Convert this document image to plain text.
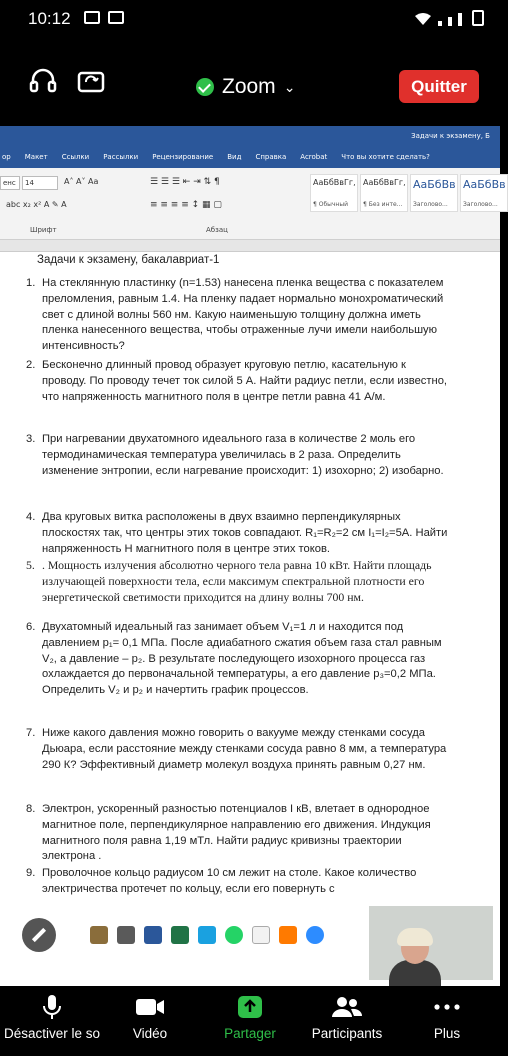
10:12
Zoom ⌄	Quitter
Задачи к экзамену, Б
ор Макет Ссылки Рассылки Рецензирование Вид Справка Acrobat Что вы хотите сделать?
енс	14	A˄ A˅ Aa
abc x₂ x² A ✎ A
☰ ☰ ☰ ⇤ ⇥ ⇅ ¶
≡ ≡ ≡ ≡ ↕ ▦ ▢
АаБбВвГг,
¶ Обычный
АаБбВвГг,
¶ Без инте...
АаБбВв
Заголово...
АаБбВв
Заголово...
Шрифт	Абзац
Задачи к экзамену, бакалавриат-1
1. На стеклянную пластинку (n=1.53) нанесена пленка вещества с показателем преломления, равным 1.4. На пленку падает нормально монохроматический свет с длиной волны 560 нм. Какую наименьшую толщину должна иметь пленка нанесенного вещества, чтобы отраженные лучи имели наибольшую интенсивность?
2. Бесконечно длинный провод образует круговую петлю, касательную к проводу. По проводу течет ток силой 5 А. Найти радиус петли, если известно, что напряженность магнитного поля в центре петли равна 41 А/м.
3. При нагревании двухатомного идеального газа в количестве 2 моль его термодинамическая температура увеличилась в 2 раза. Определить изменение энтропии, если нагревание происходит: 1) изохорно; 2) изобарно.
4. Два круговых витка расположены в двух взаимно перпендикулярных плоскостях так, что центры этих токов совпадают. R₁=R₂=2 см I₁=I₂=5А. Найти напряженность Н магнитного поля в центре этих токов.
5. . Мощность излучения абсолютно черного тела равна 10 кВт. Найти площадь излучающей поверхности тела, если максимум спектральной плотности его энергетической светимости приходится на длину волны 700 нм.
6. Двухатомный идеальный газ занимает объем V₁=1 л и находится под давлением p₁= 0,1 МПа. После адиабатного сжатия объем газа стал равным V₂, а давление – p₂. В результате последующего изохорного процесса газ охлаждается до первоначальной температуры, а его давление p₃=0,2 МПа. Определить V₂ и p₂ и начертить график процессов.
7. Ниже какого давления можно говорить о вакууме между стенками сосуда Дьюара, если расстояние между стенками сосуда равно 8 мм, а температура 290 К? Эффективный диаметр молекул воздуха принять равным 0,27 нм.
8. Электрон, ускоренный разностью потенциалов I кВ, влетает в однородное магнитное поле, перпендикулярное направлению его движения. Индукция магнитного поля равна 1,19 мТл. Найти радиус кривизны траектории электрона .
9. Проволочное кольцо радиусом 10 см лежит на столе. Какое количество электричества протечет по кольцу, если его повернуть с
Désactiver le so Vidéo	Partager	Participants	Plus
